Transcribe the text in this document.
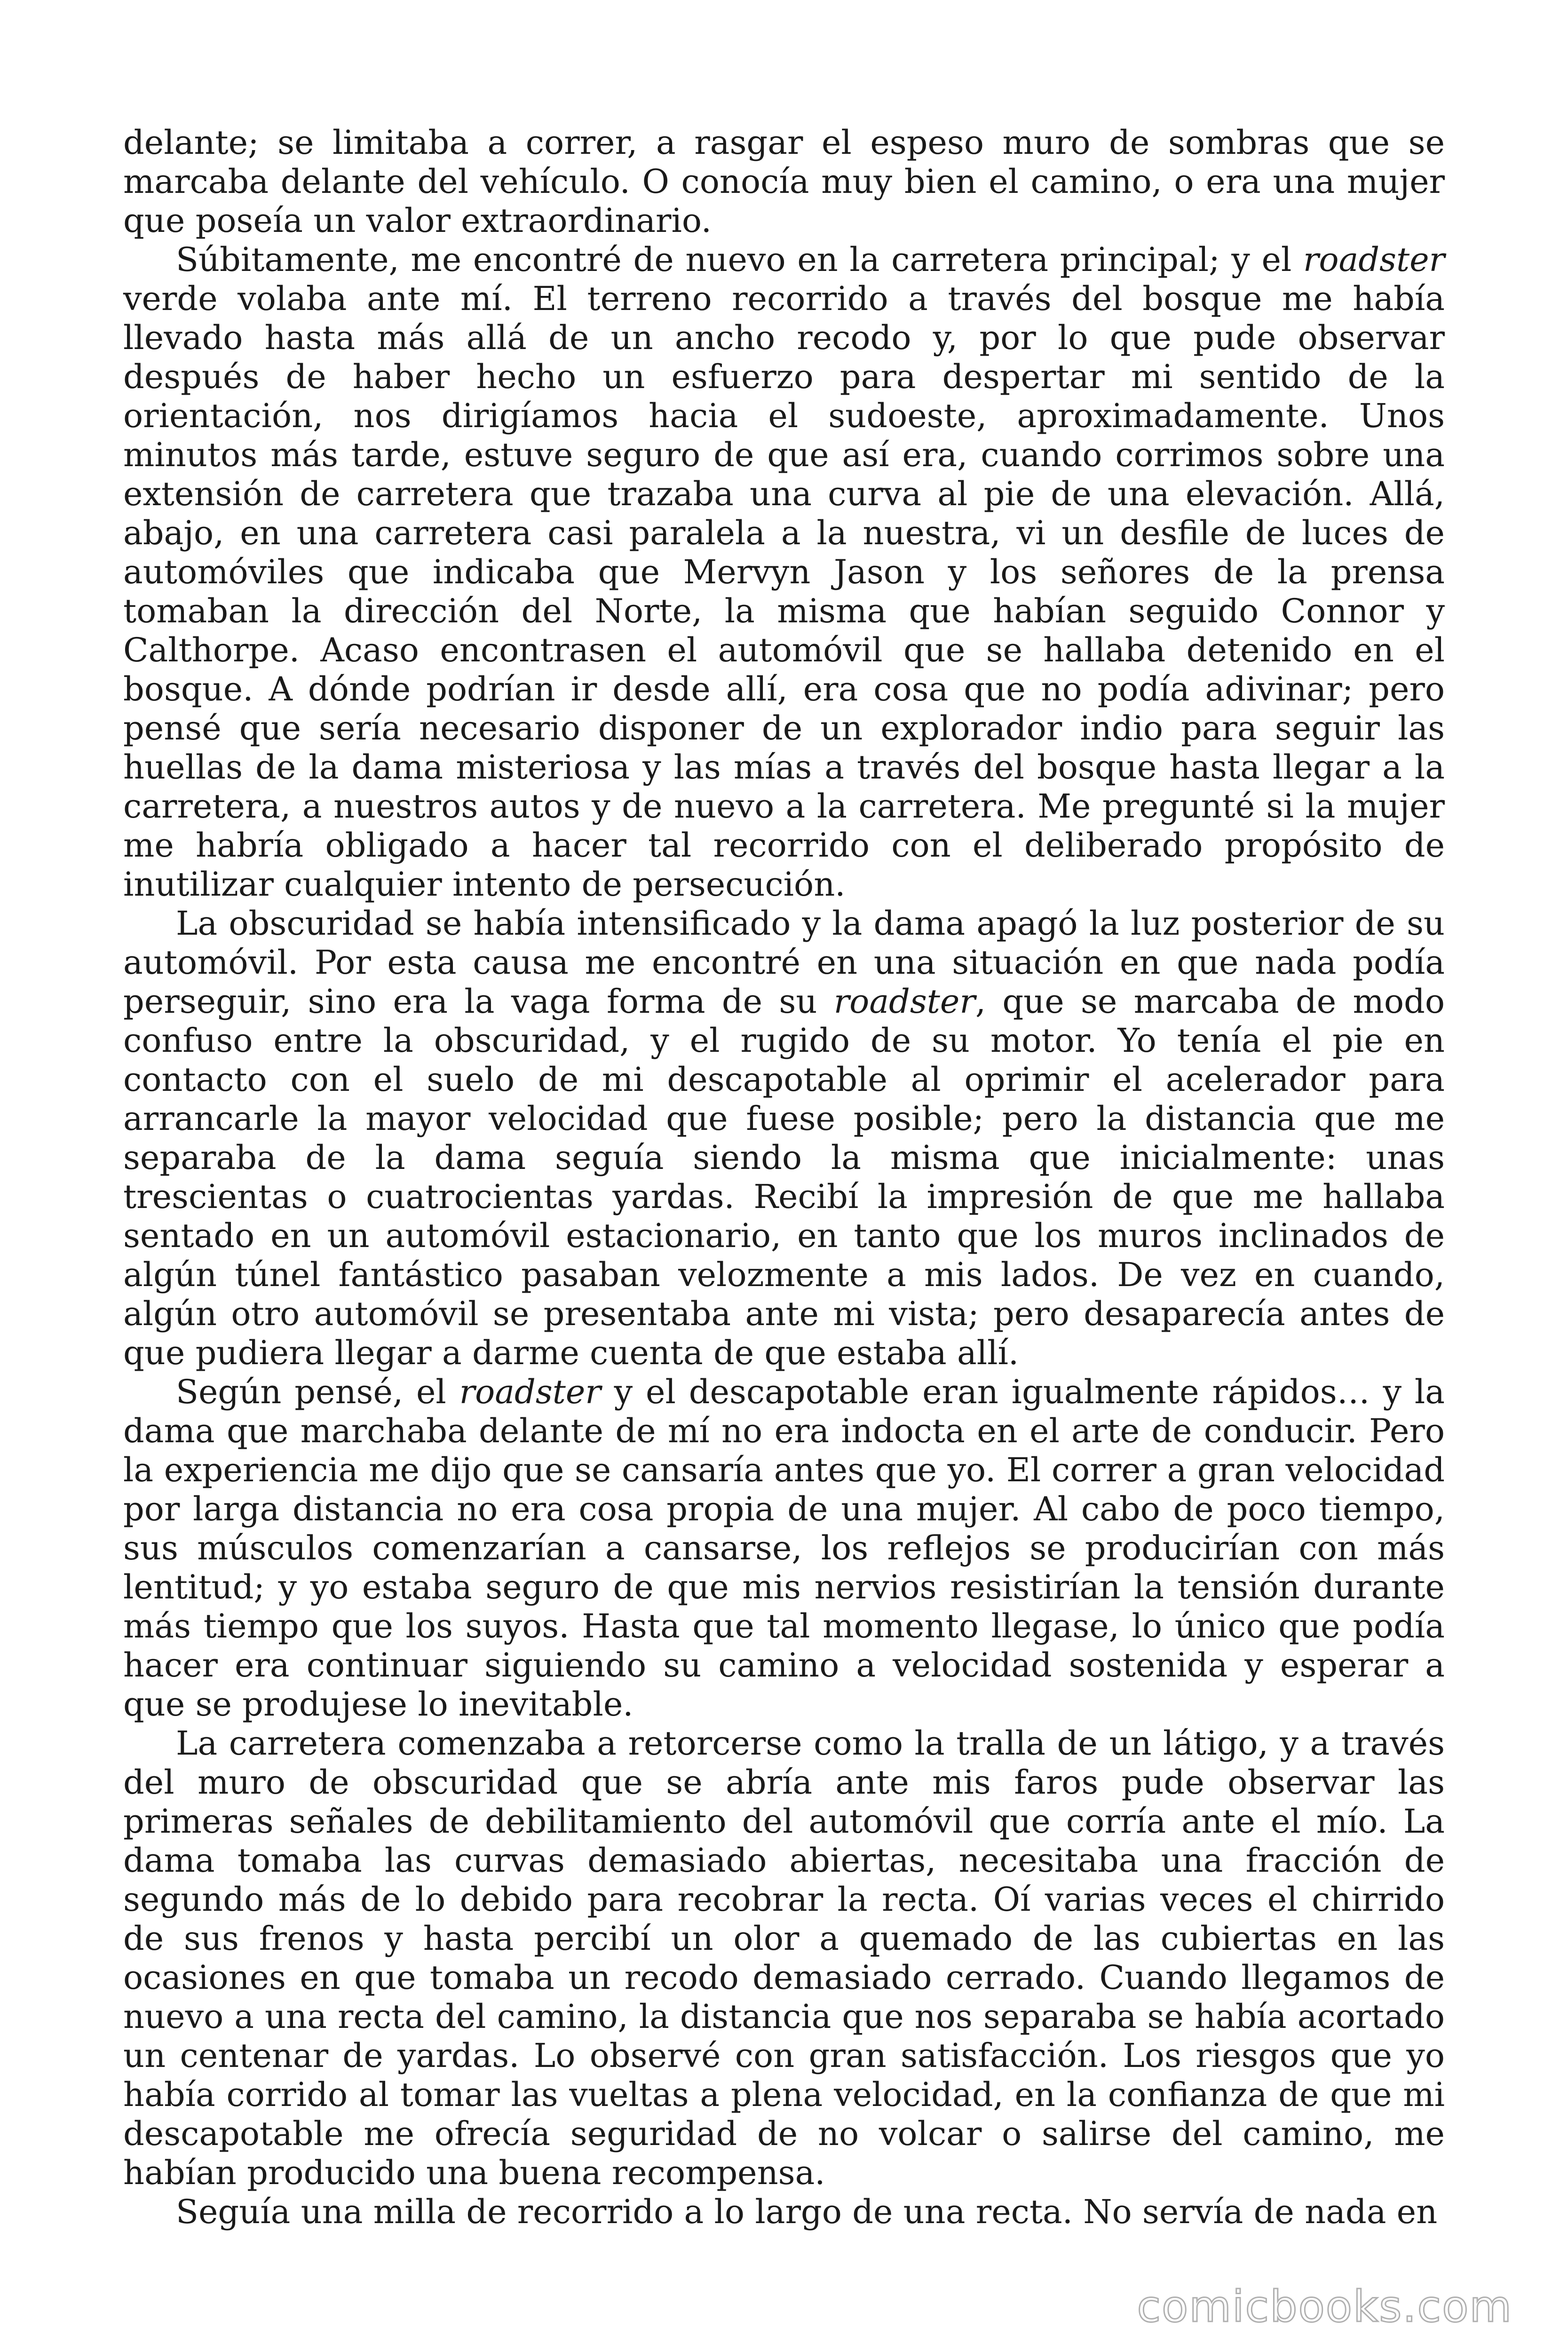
delante; se limitaba a correr, a rasgar el espeso muro de sombras que se marcaba delante del vehículo. O conocía muy bien el camino, o era una mujer que poseía un valor extraordinario.

Súbitamente, me encontré de nuevo en la carretera principal; y el roadster verde volaba ante mí. El terreno recorrido a través del bosque me había llevado hasta más allá de un ancho recodo y, por lo que pude observar después de haber hecho un esfuerzo para despertar mi sentido de la orientación, nos dirigíamos hacia el sudoeste, aproximadamente. Unos minutos más tarde, estuve seguro de que así era, cuando corrimos sobre una extensión de carretera que trazaba una curva al pie de una elevación. Allá, abajo, en una carretera casi paralela a la nuestra, vi un desfile de luces de automóviles que indicaba que Mervyn Jason y los señores de la prensa tomaban la dirección del Norte, la misma que habían seguido Connor y Calthorpe. Acaso encontrasen el automóvil que se hallaba detenido en el bosque. A dónde podrían ir desde allí, era cosa que no podía adivinar; pero pensé que sería necesario disponer de un explorador indio para seguir las huellas de la dama misteriosa y las mías a través del bosque hasta llegar a la carretera, a nuestros autos y de nuevo a la carretera. Me pregunté si la mujer me habría obligado a hacer tal recorrido con el deliberado propósito de inutilizar cualquier intento de persecución.

La obscuridad se había intensificado y la dama apagó la luz posterior de su automóvil. Por esta causa me encontré en una situación en que nada podía perseguir, sino era la vaga forma de su roadster, que se marcaba de modo confuso entre la obscuridad, y el rugido de su motor. Yo tenía el pie en contacto con el suelo de mi descapotable al oprimir el acelerador para arrancarle la mayor velocidad que fuese posible; pero la distancia que me separaba de la dama seguía siendo la misma que inicialmente: unas trescientas o cuatrocientas yardas. Recibí la impresión de que me hallaba sentado en un automóvil estacionario, en tanto que los muros inclinados de algún túnel fantástico pasaban velozmente a mis lados. De vez en cuando, algún otro automóvil se presentaba ante mi vista; pero desaparecía antes de que pudiera llegar a darme cuenta de que estaba allí.

Según pensé, el roadster y el descapotable eran igualmente rápidos… y la dama que marchaba delante de mí no era indocta en el arte de conducir. Pero la experiencia me dijo que se cansaría antes que yo. El correr a gran velocidad por larga distancia no era cosa propia de una mujer. Al cabo de poco tiempo, sus músculos comenzarían a cansarse, los reflejos se producirían con más lentitud; y yo estaba seguro de que mis nervios resistirían la tensión durante más tiempo que los suyos. Hasta que tal momento llegase, lo único que podía hacer era continuar siguiendo su camino a velocidad sostenida y esperar a que se produjese lo inevitable.

La carretera comenzaba a retorcerse como la tralla de un látigo, y a través del muro de obscuridad que se abría ante mis faros pude observar las primeras señales de debilitamiento del automóvil que corría ante el mío. La dama tomaba las curvas demasiado abiertas, necesitaba una fracción de segundo más de lo debido para recobrar la recta. Oí varias veces el chirrido de sus frenos y hasta percibí un olor a quemado de las cubiertas en las ocasiones en que tomaba un recodo demasiado cerrado. Cuando llegamos de nuevo a una recta del camino, la distancia que nos separaba se había acortado un centenar de yardas. Lo observé con gran satisfacción. Los riesgos que yo había corrido al tomar las vueltas a plena velocidad, en la confianza de que mi descapotable me ofrecía seguridad de no volcar o salirse del camino, me habían producido una buena recompensa.

Seguía una milla de recorrido a lo largo de una recta. No servía de nada en

comicbooks.com
